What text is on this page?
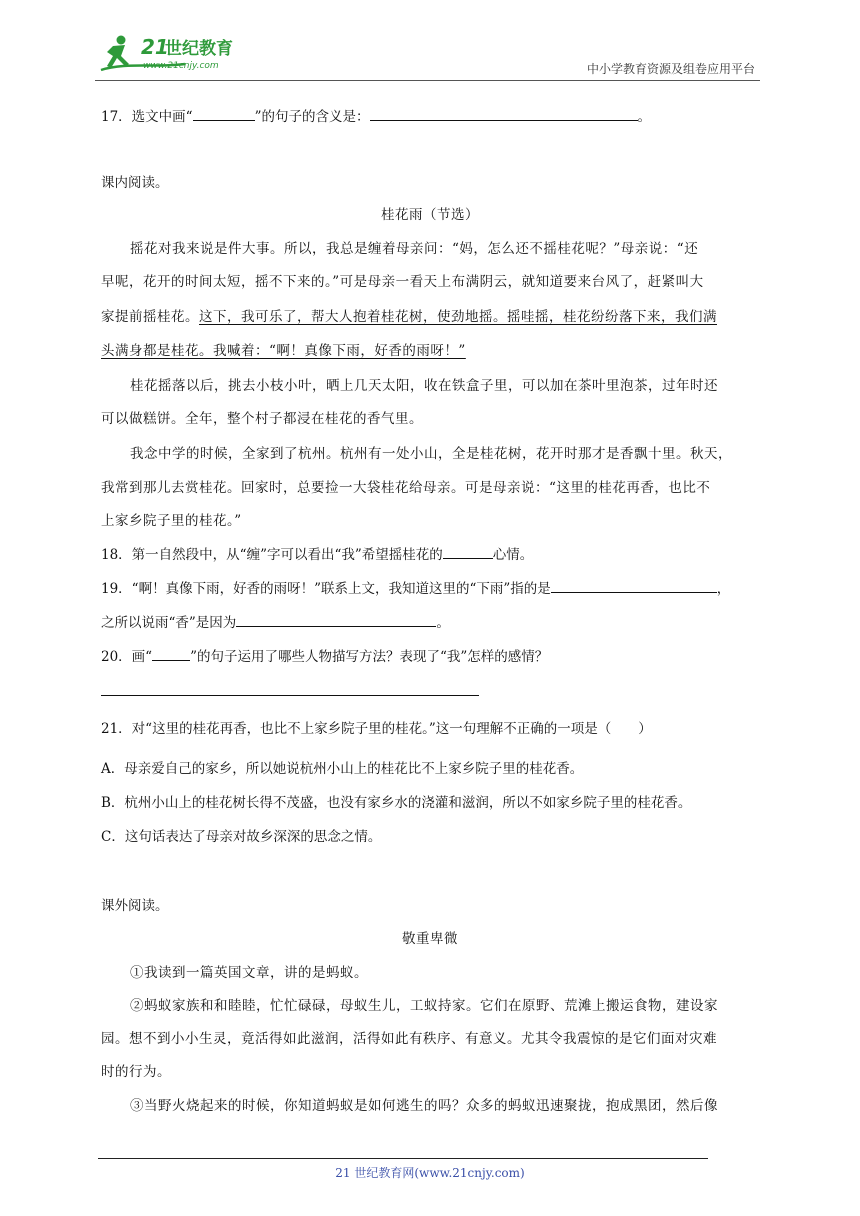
21
世纪教育
www.21cnjy.com	中小学教育资源及组卷应用平台
17．选文中画“	”的句子的含义是：	。
课内阅读。
桂花雨（节选）
摇花对我来说是件大事。所以，我总是缠着母亲问：“妈，怎么还不摇桂花呢？”母亲说：“还
早呢，花开的时间太短，摇不下来的。”可是母亲一看天上布满阴云，就知道要来台风了，赶紧叫大
家提前摇桂花。这下，我可乐了，帮大人抱着桂花树，使劲地摇。摇哇摇，桂花纷纷落下来，我们满
头满身都是桂花。我喊着：“啊！真像下雨，好香的雨呀！”
桂花摇落以后，挑去小枝小叶，晒上几天太阳，收在铁盒子里，可以加在茶叶里泡茶，过年时还
可以做糕饼。全年，整个村子都浸在桂花的香气里。
我念中学的时候，全家到了杭州。杭州有一处小山，全是桂花树，花开时那才是香飘十里。秋天，
我常到那儿去赏桂花。回家时，总要捡一大袋桂花给母亲。可是母亲说：“这里的桂花再香，也比不
上家乡院子里的桂花。”
18．第一自然段中，从“缠”字可以看出“我”希望摇桂花的	心情。
19．“啊！真像下雨，好香的雨呀！”联系上文，我知道这里的“下雨”指的是	，
之所以说雨“香”是因为	。
20．画“	”的句子运用了哪些人物描写方法？表现了“我”怎样的感情？
21．对“这里的桂花再香，也比不上家乡院子里的桂花。”这一句理解不正确的一项是（　　）
A．母亲爱自己的家乡，所以她说杭州小山上的桂花比不上家乡院子里的桂花香。
B．杭州小山上的桂花树长得不茂盛，也没有家乡水的浇灌和滋润，所以不如家乡院子里的桂花香。
C．这句话表达了母亲对故乡深深的思念之情。
课外阅读。
敬重卑微
①我读到一篇英国文章，讲的是蚂蚁。
②蚂蚁家族和和睦睦，忙忙碌碌，母蚁生儿，工蚁持家。它们在原野、荒滩上搬运食物，建设家
园。想不到小小生灵，竟活得如此滋润，活得如此有秩序、有意义。尤其令我震惊的是它们面对灾难
时的行为。
③当野火烧起来的时候，你知道蚂蚁是如何逃生的吗？众多的蚂蚁迅速聚拢，抱成黑团，然后像
21 世纪教育网(www.21cnjy.com)
